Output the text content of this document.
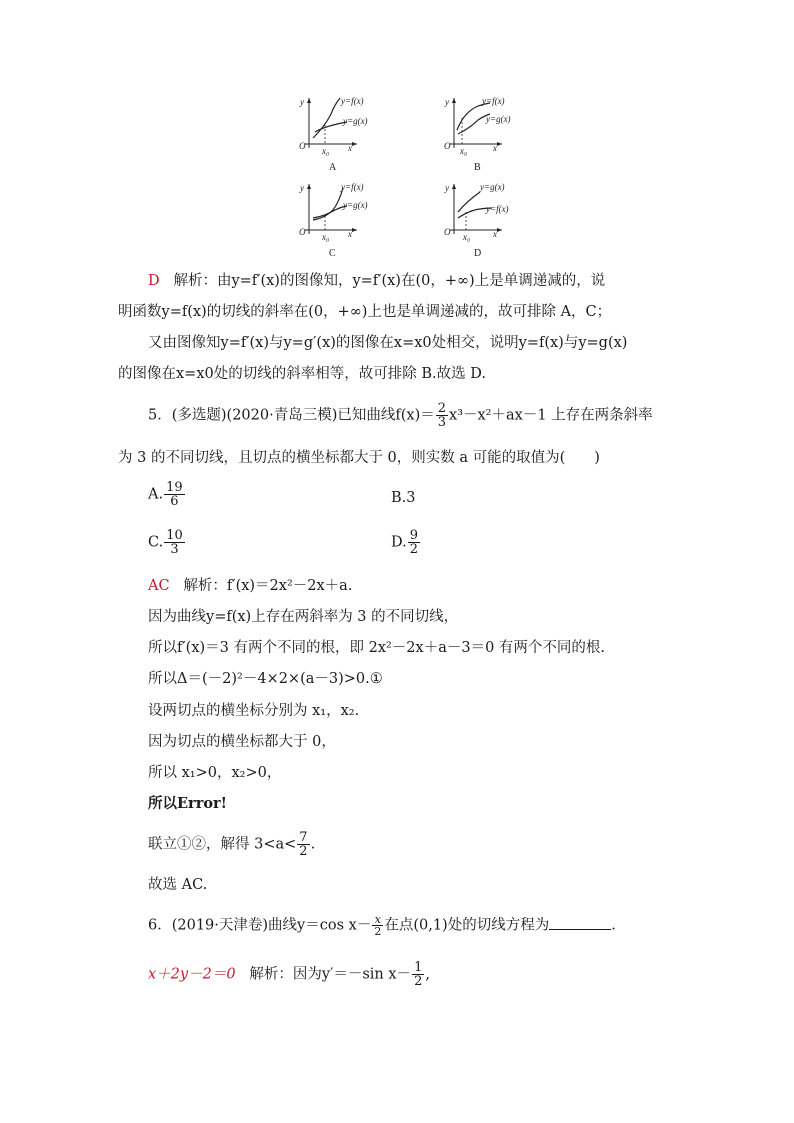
y=f(x)
y=g(x)
O x₀ x
y
A
y=f(x)
y=g(x)
O x₀	x
y
B
y=f(x)
y=g(x)
O x₀ x
y
C
y=g(x)
y=f(x)
O x₀	x
y
D
D 解析：由y=f′(x)的图像知，y=f′(x)在(0，+∞)上是单调递减的，说
明函数y=f(x)的切线的斜率在(0，+∞)上也是单调递减的，故可排除 A，C；
又由图像知y=f′(x)与y=g′(x)的图像在x=x0处相交，说明y=f(x)与y=g(x)
的图像在x=x0处的切线的斜率相等，故可排除 B.故选 D.
5．(多选题)(2020·青岛三模)已知曲线$f(x)= \frac{2}{3} x^3-x^2+ax-1$ 上存在两条斜率
为 3 的不同切线，且切点的横坐标都大于 0，则实数 a 可能的取值为(　　)
A. $\frac{19}{6}$	B.3
C. $\frac{10}{3}$	D. $\frac{9}{2}$
AC 解析：f′(x)＝2x²－2x＋a.
因为曲线y=f(x)上存在两斜率为 3 的不同切线，
所以f′(x)＝3 有两个不同的根，即 2x²－2x＋a－3＝0 有两个不同的根.
所以Δ＝(－2)²－4×2×(a－3)>0.①
设两切点的横坐标分别为 x₁，x₂.
因为切点的横坐标都大于 0，
所以 x₁>0，x₂>0，
所以Error!
联立①②，解得 $3<a< \frac{7}{2}$ .
故选 AC.
6．(2019·天津卷)曲线y＝cos $x- \frac{x}{2}$ 在点(0,1)处的切线方程为	.
x＋2y－2＝0 解析：因为y′＝－sin $x- \frac{1}{2}$ ,
